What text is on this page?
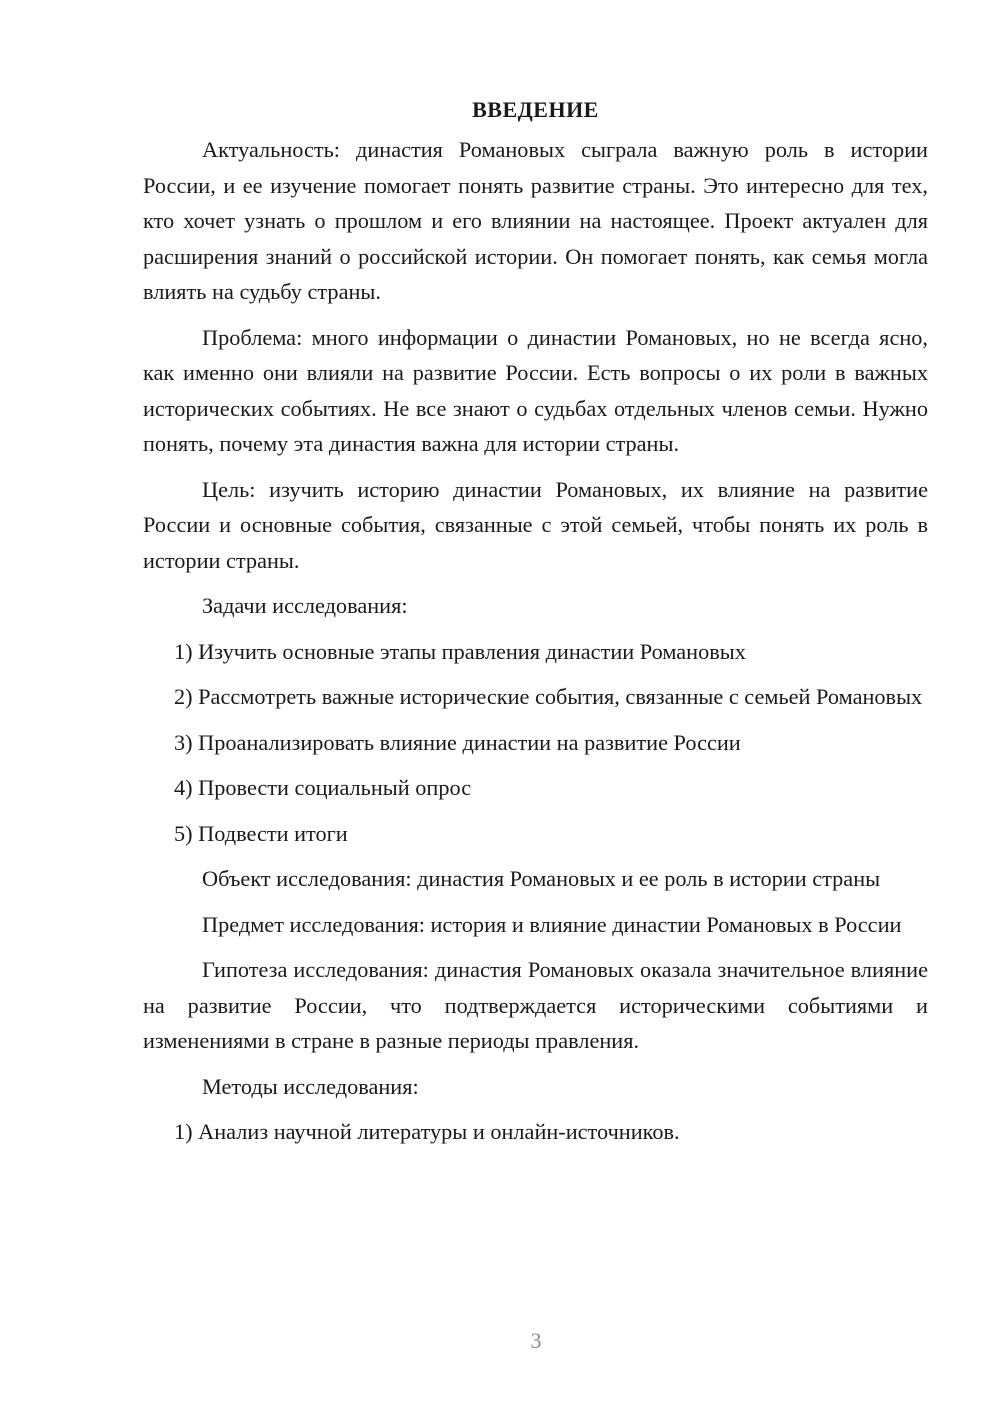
ВВЕДЕНИЕ

Актуальность: династия Романовых сыграла важную роль в истории России, и ее изучение помогает понять развитие страны. Это интересно для тех, кто хочет узнать о прошлом и его влиянии на настоящее. Проект актуален для расширения знаний о российской истории. Он помогает понять, как семья могла влиять на судьбу страны.

Проблема: много информации о династии Романовых, но не всегда ясно, как именно они влияли на развитие России. Есть вопросы о их роли в важных исторических событиях. Не все знают о судьбах отдельных членов семьи. Нужно понять, почему эта династия важна для истории страны.

Цель: изучить историю династии Романовых, их влияние на развитие России и основные события, связанные с этой семьей, чтобы понять их роль в истории страны.

Задачи исследования:

1) Изучить основные этапы правления династии Романовых

2) Рассмотреть важные исторические события, связанные с семьей Романовых

3) Проанализировать влияние династии на развитие России

4) Провести социальный опрос

5) Подвести итоги

Объект исследования: династия Романовых и ее роль в истории страны

Предмет исследования: история и влияние династии Романовых в России

Гипотеза исследования: династия Романовых оказала значительное влияние на развитие России, что подтверждается историческими событиями и изменениями в стране в разные периоды правления.

Методы исследования:

1) Анализ научной литературы и онлайн-источников.

3
